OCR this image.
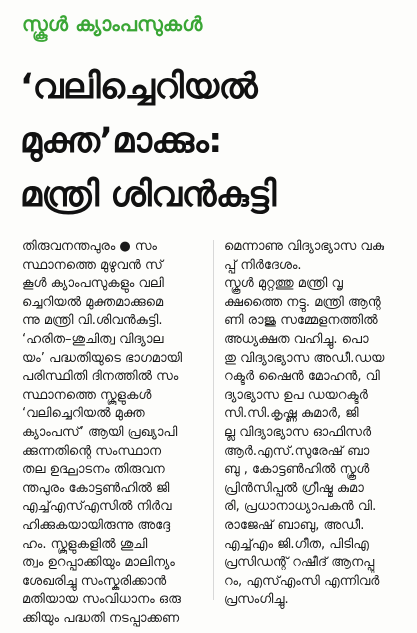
സ്കൂൾ ക്യാംപസുകൾ
‘വലിച്ചെറിയൽ
മുക്ത’മാക്കും:
മന്ത്രി ശിവൻകുട്ടി
തിരുവനന്തപുരം ● സം
സ്ഥാനത്തെ മുഴുവൻ സ്
കൂൾ ക്യാംപസുകളും വലി
ച്ചെറിയൽ മുക്തമാക്കുമെ
ന്നു മന്ത്രി വി.ശിവൻകുട്ടി.
‘ഹരിത–ശുചിത്വ വിദ്യാല
യം’ പദ്ധതിയുടെ ഭാഗമായി
പരിസ്ഥിതി ദിനത്തിൽ സം
സ്ഥാനത്തെ സ്കൂളുകൾ
‘വലിച്ചെറിയൽ മുക്ത
ക്യാംപസ്’ ആയി പ്രഖ്യാപി
ക്കുന്നതിന്റെ സംസ്ഥാന
തല ഉദ്ഘാടനം തിരുവന
ന്തപുരം കോട്ടൺഹിൽ ജി
എച്ച്എസ്എസിൽ നിർവ
ഹിക്കുകയായിരുന്നു അദ്ദേ
ഹം. സ്കൂളുകളിൽ ശുചി
ത്വം ഉറപ്പാക്കിയും മാലിന്യം
ശേഖരിച്ചു സംസ്കരിക്കാൻ
മതിയായ സംവിധാനം ഒരു
ക്കിയും പദ്ധതി നടപ്പാക്കണ
മെന്നാണു വിദ്യാഭ്യാസ വകു
പ്പ് നിർദേശം.
സ്കൂൾ മുറ്റത്തു മന്ത്രി വൃ
ക്ഷത്തൈ നട്ടു. മന്ത്രി ആന്റ
ണി രാജു സമ്മേളനത്തിൽ
അധ്യക്ഷത വഹിച്ചു. പൊ
തു വിദ്യാഭ്യാസ അഡീ.ഡയ
റക്ടർ ഷൈൻ മോഹൻ, വി
ദ്യാഭ്യാസ ഉപ ഡയറക്ടർ
സി.സി.കൃഷ്ണ കുമാർ, ജി
ല്ല വിദ്യാഭ്യാസ ഓഫിസർ
ആർ.എസ്.സുരേഷ് ബാ
ബു , കോട്ടൺഹിൽ സ്കൂൾ
പ്രിൻസിപ്പൽ ഗ്രീഷ്മ കുമാ
രി, പ്രധാനാധ്യാപകൻ വി.
രാജേഷ് ബാബു, അഡീ.
എച്ച്എം ജി.ഗീത, പിടിഎ
പ്രസിഡന്റ് റഷീദ് ആനപ്പു
റം, എസ്എംസി എന്നിവർ
പ്രസംഗിച്ചു.
